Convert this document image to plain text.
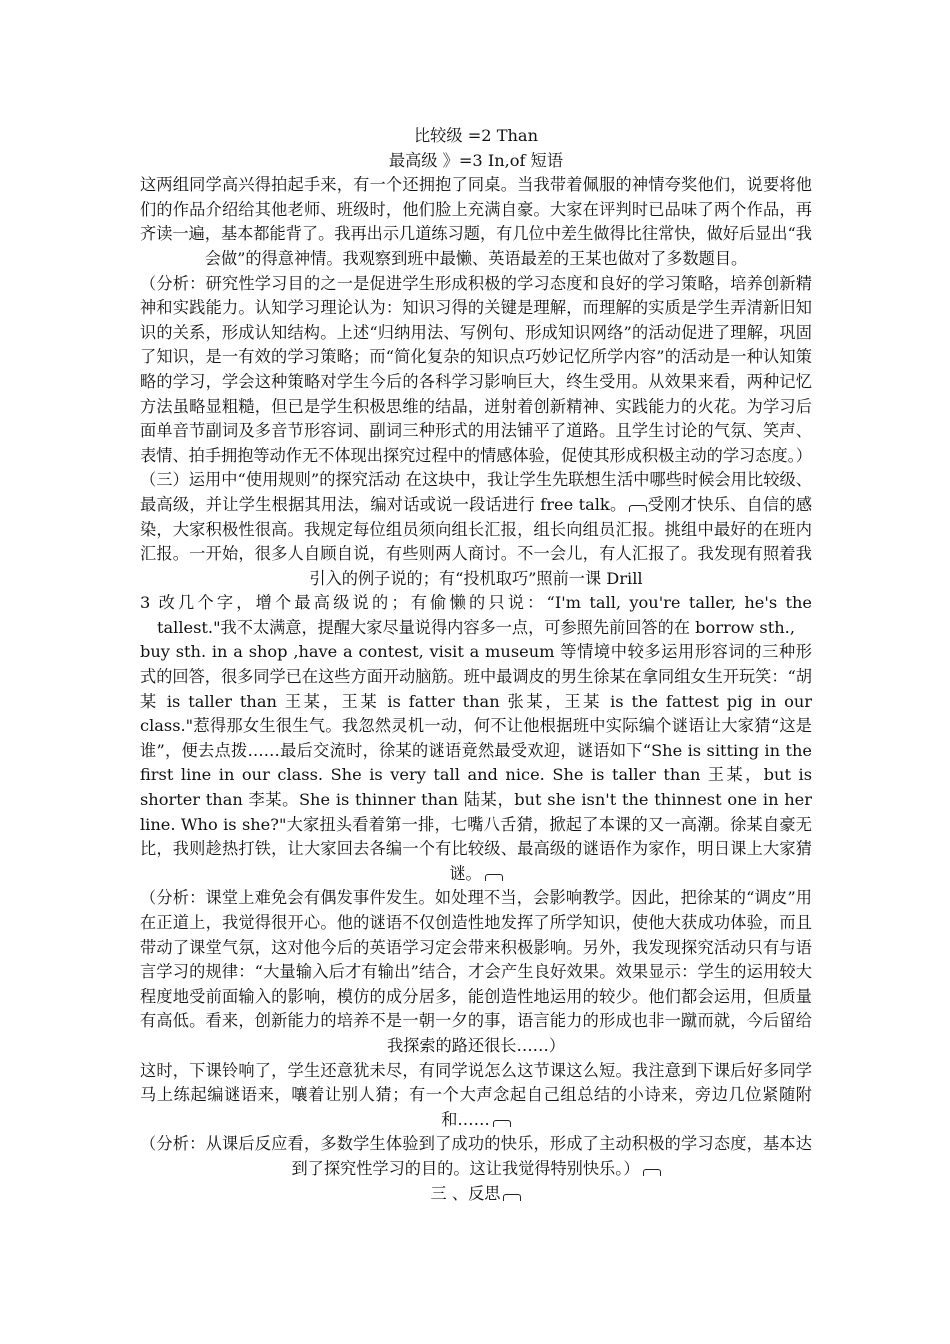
比较级 =2 Than

最高级 》=3 In,of 短语

这两组同学高兴得拍起手来，有一个还拥抱了同桌。当我带着佩服的神情夸奖他们，说要将他们的作品介绍给其他老师、班级时，他们脸上充满自豪。大家在评判时已品味了两个作品，再齐读一遍，基本都能背了。我再出示几道练习题，有几位中差生做得比往常快，做好后显出“我会做”的得意神情。我观察到班中最懒、英语最差的王某也做对了多数题目。

（分析：研究性学习目的之一是促进学生形成积极的学习态度和良好的学习策略，培养创新精神和实践能力。认知学习理论认为：知识习得的关键是理解，而理解的实质是学生弄清新旧知识的关系，形成认知结构。上述“归纳用法、写例句、形成知识网络”的活动促进了理解，巩固了知识，是一有效的学习策略；而“简化复杂的知识点巧妙记忆所学内容”的活动是一种认知策略的学习，学会这种策略对学生今后的各科学习影响巨大，终生受用。从效果来看，两种记忆方法虽略显粗糙，但已是学生积极思维的结晶，迸射着创新精神、实践能力的火花。为学习后面单音节副词及多音节形容词、副词三种形式的用法铺平了道路。且学生讨论的气氛、笑声、表情、拍手拥抱等动作无不体现出探究过程中的情感体验，促使其形成积极主动的学习态度。）

（三）运用中“使用规则”的探究活动 在这块中，我让学生先联想生活中哪些时候会用比较级、最高级，并让学生根据其用法，编对话或说一段话进行 free talk。 受刚才快乐、自信的感染，大家积极性很高。我规定每位组员须向组长汇报，组长向组员汇报。挑组中最好的在班内汇报。一开始，很多人自顾自说，有些则两人商讨。不一会儿，有人汇报了。我发现有照着我引入的例子说的；有“投机取巧”照前一课 Drill

3 改几个字，增个最高级说的；有偷懒的只说：“I'm tall, you're taller, he's the tallest."我不太满意，提醒大家尽量说得内容多一点，可参照先前回答的在 borrow sth.,

buy sth. in a shop ,have a contest, visit a museum 等情境中较多运用形容词的三种形式的回答，很多同学已在这些方面开动脑筋。班中最调皮的男生徐某在拿同组女生开玩笑：“胡某 is taller than 王某，王某 is fatter than 张某，王某 is the fattest pig in our class."惹得那女生很生气。我忽然灵机一动，何不让他根据班中实际编个谜语让大家猜“这是谁”，便去点拨……最后交流时，徐某的谜语竟然最受欢迎，谜语如下“She is sitting in the first line in our class. She is very tall and nice. She is taller than 王某，but is shorter than 李某。She is thinner than 陆某，but she isn't the thinnest one in her line. Who is she?"大家扭头看着第一排，七嘴八舌猜，掀起了本课的又一高潮。徐某自豪无比，我则趁热打铁，让大家回去各编一个有比较级、最高级的谜语作为家作，明日课上大家猜谜。

（分析：课堂上难免会有偶发事件发生。如处理不当，会影响教学。因此，把徐某的“调皮”用在正道上，我觉得很开心。他的谜语不仅创造性地发挥了所学知识，使他大获成功体验，而且带动了课堂气氛，这对他今后的英语学习定会带来积极影响。另外，我发现探究活动只有与语言学习的规律：“大量输入后才有输出”结合，才会产生良好效果。效果显示：学生的运用较大程度地受前面输入的影响，模仿的成分居多，能创造性地运用的较少。他们都会运用，但质量有高低。看来，创新能力的培养不是一朝一夕的事，语言能力的形成也非一蹴而就，今后留给我探索的路还很长……）

这时，下课铃响了，学生还意犹未尽，有同学说怎么这节课这么短。我注意到下课后好多同学马上练起编谜语来，嚷着让别人猜；有一个大声念起自己组总结的小诗来，旁边几位紧随附和……

（分析：从课后反应看，多数学生体验到了成功的快乐，形成了主动积极的学习态度，基本达到了探究性学习的目的。这让我觉得特别快乐。）

三 、反思
